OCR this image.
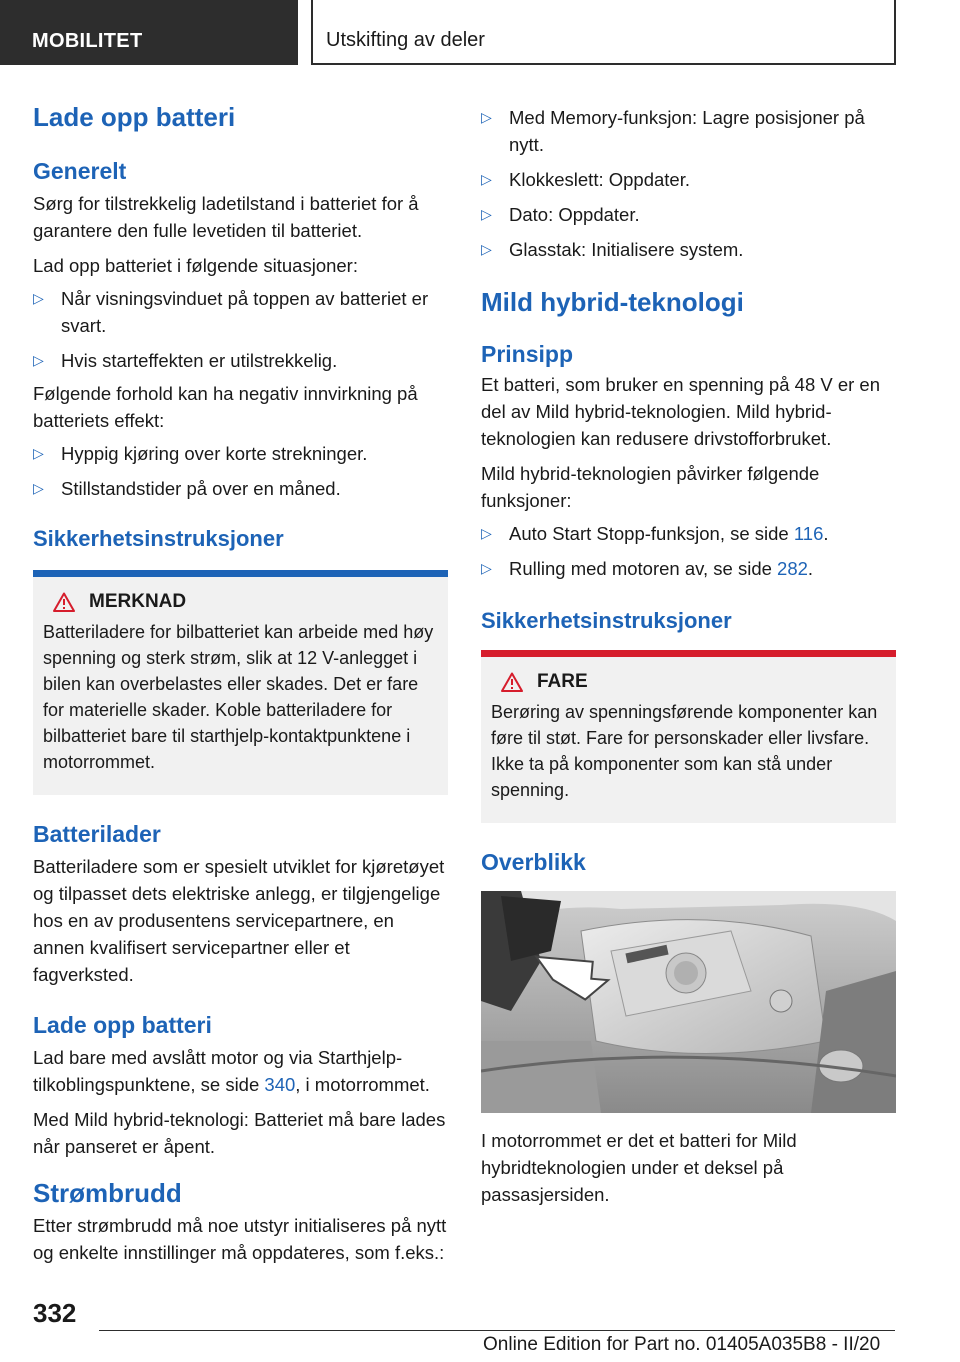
MOBILITET	Utskifting av deler
Lade opp batteri
Generelt

Sørg for tilstrekkelig ladetilstand i batteriet for å garantere den fulle levetiden til batteriet.

Lad opp batteriet i følgende situasjoner:

▷ Når visningsvinduet på toppen av batteriet er svart.
▷ Hvis starteffekten er utilstrekkelig.

Følgende forhold kan ha negativ innvirkning på batteriets effekt:

▷ Hyppig kjøring over korte strekninger.
▷ Stillstandstider på over en måned.
Sikkerhetsinstruksjoner
MERKNAD

Batteriladere for bilbatteriet kan arbeide med høy spenning og sterk strøm, slik at 12 V-anlegget i bilen kan overbelastes eller skades. Det er fare for materielle skader. Koble batteriladere for bilbatteriet bare til starthjelp-kontaktpunktene i motorrommet.

Batterilader

Batteriladere som er spesielt utviklet for kjøretøyet og tilpasset dets elektriske anlegg, er tilgjengelige hos en av produsentens servicepartnere, en annen kvalifisert servicepartner eller et fagverksted.

Lade opp batteri

Lad bare med avslått motor og via Starthjelp-tilkoblingspunktene, se side 340, i motorrommet.

Med Mild hybrid-teknologi: Batteriet må bare lades når panseret er åpent.

Strømbrudd

Etter strømbrudd må noe utstyr initialiseres på nytt og enkelte innstillinger må oppdateres, som f.eks.:

▷ Med Memory-funksjon: Lagre posisjoner på nytt.
▷ Klokkeslett: Oppdater.
▷ Dato: Oppdater.
▷ Glasstak: Initialisere system.
Mild hybrid-teknologi
Prinsipp

Et batteri, som bruker en spenning på 48 V er en del av Mild hybrid-teknologien. Mild hybrid-teknologien kan redusere drivstofforbruket.

Mild hybrid-teknologien påvirker følgende funksjoner:

▷ Auto Start Stopp-funksjon, se side 116.
▷ Rulling med motoren av, se side 282.
Sikkerhetsinstruksjoner
FARE

Berøring av spenningsførende komponenter kan føre til støt. Fare for personskader eller livsfare. Ikke ta på komponenter som kan stå under spenning.

Overblikk

I motorrommet er det et batteri for Mild hybridteknologien under et deksel på passasjersiden.

332
Online Edition for Part no. 01405A035B8 - II/20
